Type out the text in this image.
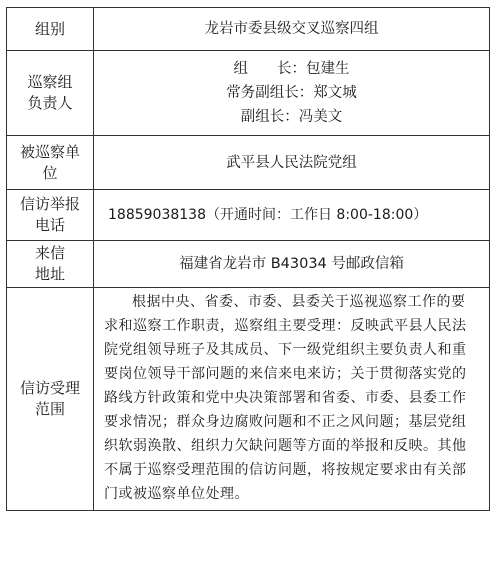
组别	龙岩市委县级交叉巡察四组

巡察组负责人	组　　长：包建生
常务副组长：郑文城
副组长：冯美文

被巡察单位	武平县人民法院党组

信访举报电话	18859038138（开通时间：工作日 8:00-18:00）

来信地址	福建省龙岩市 B43034 号邮政信箱

信访受理范围	根据中央、省委、市委、县委关于巡视巡察工作的要求和巡察工作职责，巡察组主要受理：反映武平县人民法院党组领导班子及其成员、下一级党组织主要负责人和重要岗位领导干部问题的来信来电来访；关于贯彻落实党的路线方针政策和党中央决策部署和省委、市委、县委工作要求情况；群众身边腐败问题和不正之风问题；基层党组织软弱涣散、组织力欠缺问题等方面的举报和反映。其他不属于巡察受理范围的信访问题，将按规定要求由有关部门或被巡察单位处理。
